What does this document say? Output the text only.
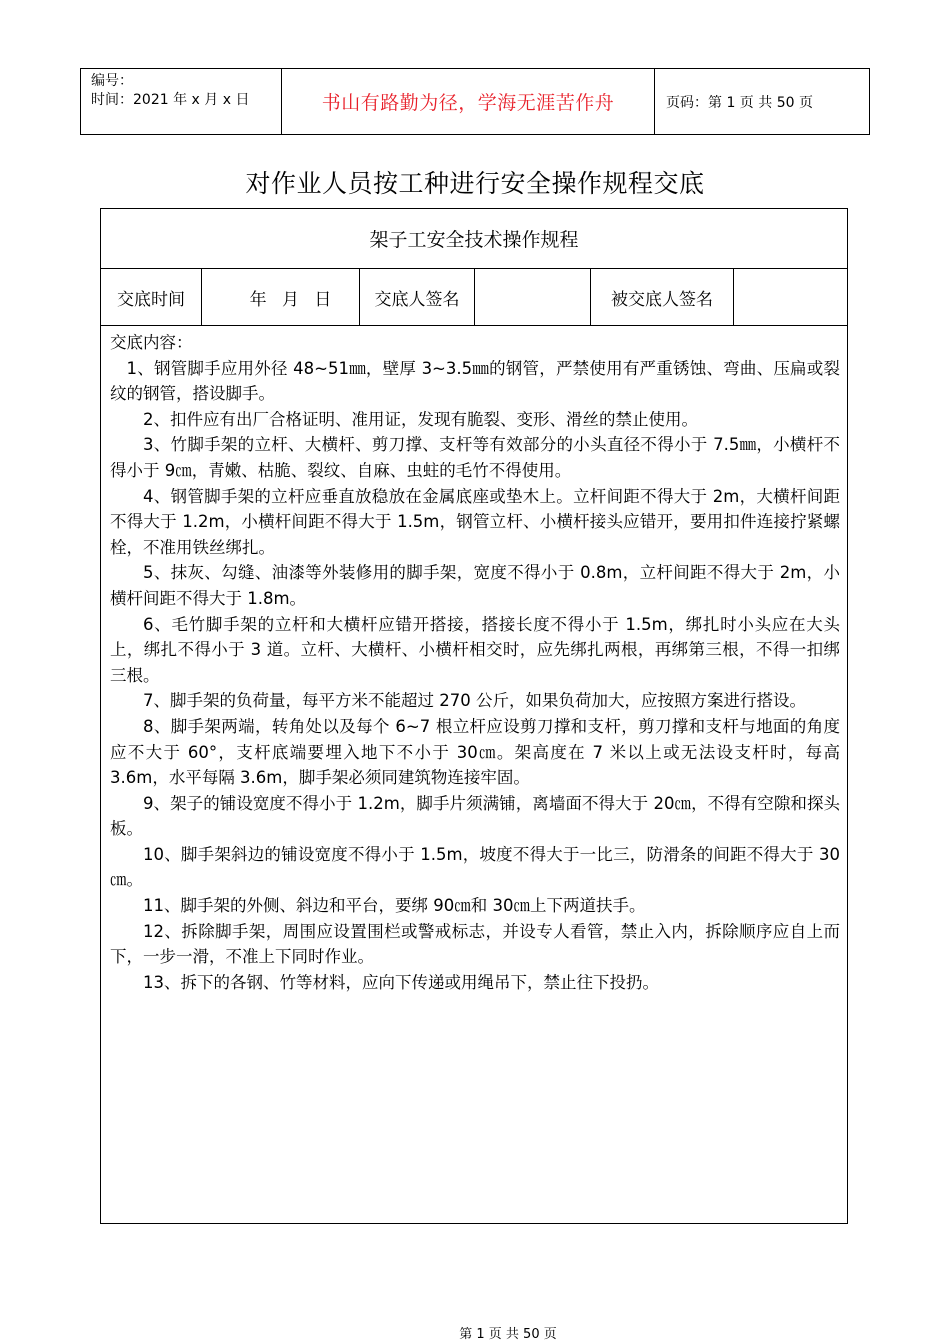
编号：
时间：2021 年 x 月 x 日	书山有路勤为径，学海无涯苦作舟	页码：第 1 页 共 50 页
对作业人员按工种进行安全操作规程交底
架子工安全技术操作规程
交底时间	年 月 日	交底人签名	被交底人签名

交底内容：

1、钢管脚手应用外径 48~51㎜，壁厚 3~3.5㎜的钢管，严禁使用有严重锈蚀、弯曲、压扁或裂纹的钢管，搭设脚手。

2、扣件应有出厂合格证明、准用证，发现有脆裂、变形、滑丝的禁止使用。

3、竹脚手架的立杆、大横杆、剪刀撑、支杆等有效部分的小头直径不得小于 7.5㎜，小横杆不得小于 9㎝，青嫩、枯脆、裂纹、自麻、虫蛀的毛竹不得使用。

4、钢管脚手架的立杆应垂直放稳放在金属底座或垫木上。立杆间距不得大于 2m，大横杆间距不得大于 1.2m，小横杆间距不得大于 1.5m，钢管立杆、小横杆接头应错开，要用扣件连接拧紧螺栓，不准用铁丝绑扎。

5、抹灰、勾缝、油漆等外装修用的脚手架，宽度不得小于 0.8m，立杆间距不得大于 2m，小横杆间距不得大于 1.8m。

6、毛竹脚手架的立杆和大横杆应错开搭接，搭接长度不得小于 1.5m，绑扎时小头应在大头上，绑扎不得小于 3 道。立杆、大横杆、小横杆相交时，应先绑扎两根，再绑第三根，不得一扣绑三根。

7、脚手架的负荷量，每平方米不能超过 270 公斤，如果负荷加大，应按照方案进行搭设。

8、脚手架两端，转角处以及每个 6~7 根立杆应设剪刀撑和支杆，剪刀撑和支杆与地面的角度应不大于 60°，支杆底端要埋入地下不小于 30㎝。架高度在 7 米以上或无法设支杆时，每高 3.6m，水平每隔 3.6m，脚手架必须同建筑物连接牢固。

9、架子的铺设宽度不得小于 1.2m，脚手片须满铺，离墙面不得大于 20㎝，不得有空隙和探头板。

10、脚手架斜边的铺设宽度不得小于 1.5m，坡度不得大于一比三，防滑条的间距不得大于 30㎝。

11、脚手架的外侧、斜边和平台，要绑 90㎝和 30㎝上下两道扶手。

12、拆除脚手架，周围应设置围栏或警戒标志，并设专人看管，禁止入内，拆除顺序应自上而下，一步一滑，不准上下同时作业。

13、拆下的各钢、竹等材料，应向下传递或用绳吊下，禁止往下投扔。

第 1 页 共 50 页
